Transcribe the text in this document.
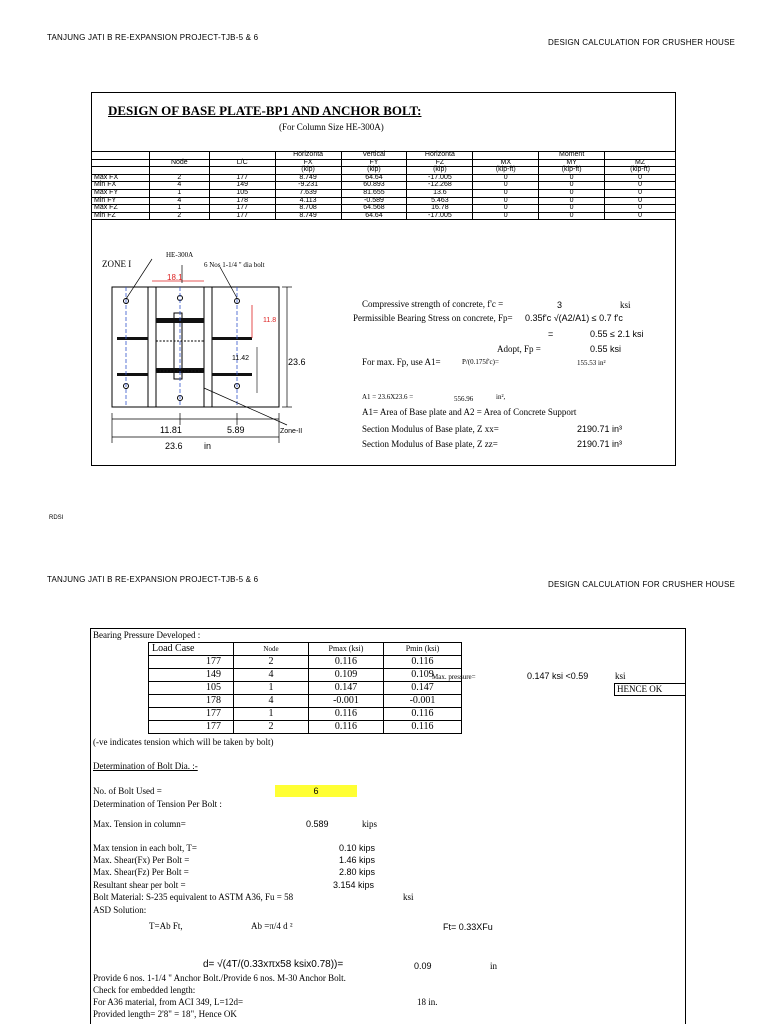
TANJUNG JATI B RE-EXPANSION PROJECT-TJB-5 & 6
DESIGN CALCULATION FOR CRUSHER HOUSE
DESIGN OF BASE PLATE-BP1 AND ANCHOR BOLT:
(For Column Size HE-300A)
			Horizonta	Vertical	Horizonta		Moment	
	Node	L/C	FX	FY	FZ	MX	MY	MZ
			(kip)	(kip)	(kip)	(kip-ft)	(kip-ft)	(kip-ft)
Max FX	2	177	8.749	64.64	-17.005	0	0	0
Min FX	4	149	-9.231	60.893	-12.268	0	0	0
Max FY	1	105	7.639	81.655	13.6	0	0	0
Min FY	4	178	4.113	-0.589	5.463	0	0	0
Max FZ	1	177	8.708	64.568	16.78	0	0	0
Min FZ	2	177	8.749	64.64	-17.005	0	0	0
ZONE I
HE-300A
6 Nos 1-1/4 " dia bolt
18.1
11.8
11.42	23.6
11.81	5.89	Zone-II
23.6 in
Compressive strength of concrete, f'c =	3	ksi
Permissible Bearing Stress on concrete, Fp= 0.35f'c √(A2/A1) ≤ 0.7 f'c
=	0.55 ≤ 2.1 ksi
Adopt, Fp =	0.55 ksi
For max. Fp, use A1=	P/(0.175f'c)=	155.53 in²
A1 = 23.6X23.6 =	556.96	in²,
A1= Area of Base plate and A2 = Area of Concrete Support
Section Modulus of Base plate, Z xx=	2190.71 in³
Section Modulus of Base plate, Z zz=	2190.71 in³
RDSI
TANJUNG JATI B RE-EXPANSION PROJECT-TJB-5 & 6
DESIGN CALCULATION FOR CRUSHER HOUSE
Bearing Pressure Developed :
Load Case	Node	Pmax (ksi)	Pmin (ksi)
177	2	0.116	0.116
149	4	0.109	0.109
105	1	0.147	0.147
178	4	-0.001	-0.001
177	1	0.116	0.116
177	2	0.116	0.116
Max. pressure=	0.147 ksi <0.59	ksi
HENCE OK
(-ve indicates tension which will be taken by bolt)
Determination of Bolt Dia. :-
No. of Bolt Used =	6
Determination of Tension Per Bolt :
Max. Tension in column=	0.589	kips
Max tension in each bolt, T=	0.10 kips
Max. Shear(Fx) Per Bolt =	1.46 kips
Max. Shear(Fz) Per Bolt =	2.80 kips
Resultant shear per bolt =	3.154 kips
Bolt Material: S-235 equivalent to ASTM A36, Fu = 58	ksi
ASD Solution:
T=Ab Ft,	Ab =π/4 d ²	Ft= 0.33XFu
d= √(4T/(0.33xπx58 ksix0.78))=	0.09	in
Provide 6 nos. 1-1/4 " Anchor Bolt./Provide 6 nos. M-30 Anchor Bolt.
Check for embedded length:
For A36 material, from ACI 349, L=12d=	18 in.
Provided length= 2'8" = 18", Hence OK
